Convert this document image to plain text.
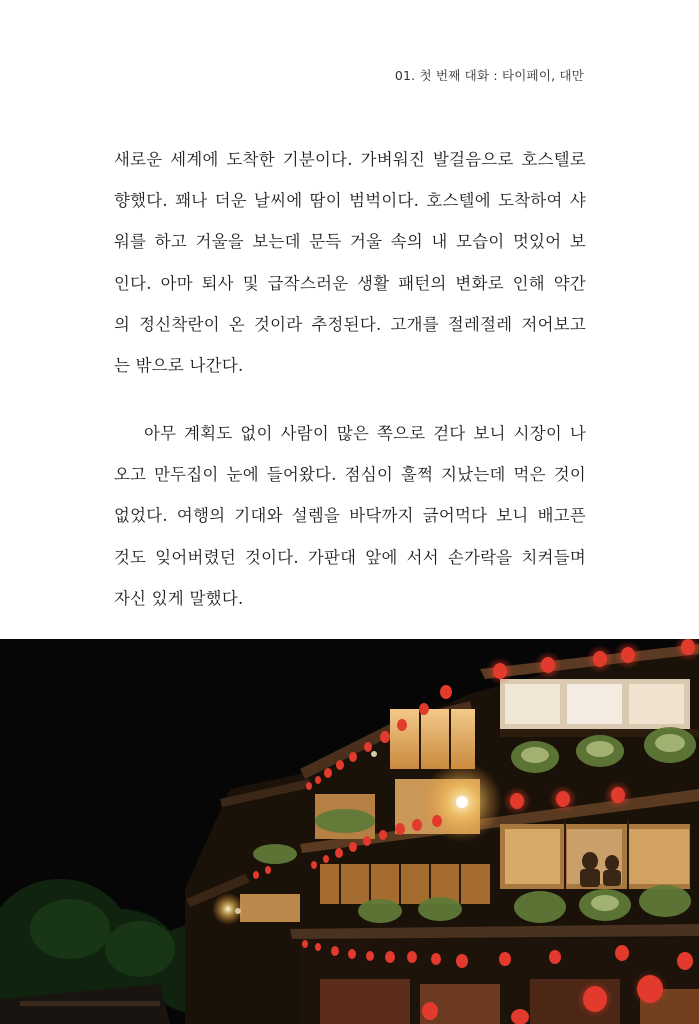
01. 첫 번째 대화 : 타이페이, 대만
새로운 세계에 도착한 기분이다. 가벼워진 발걸음으로 호스텔로
향했다. 꽤나 더운 날씨에 땀이 범벅이다. 호스텔에 도착하여 샤
워를 하고 거울을 보는데 문득 거울 속의 내 모습이 멋있어 보
인다. 아마 퇴사 및 급작스러운 생활 패턴의 변화로 인해 약간
의 정신착란이 온 것이라 추정된다. 고개를 절레절레 저어보고
는 밖으로 나간다.
아무 계획도 없이 사람이 많은 쪽으로 걷다 보니 시장이 나
오고 만두집이 눈에 들어왔다. 점심이 훌쩍 지났는데 먹은 것이
없었다. 여행의 기대와 설렘을 바닥까지 긁어먹다 보니 배고픈
것도 잊어버렸던 것이다. 가판대 앞에 서서 손가락을 치켜들며
자신 있게 말했다.
